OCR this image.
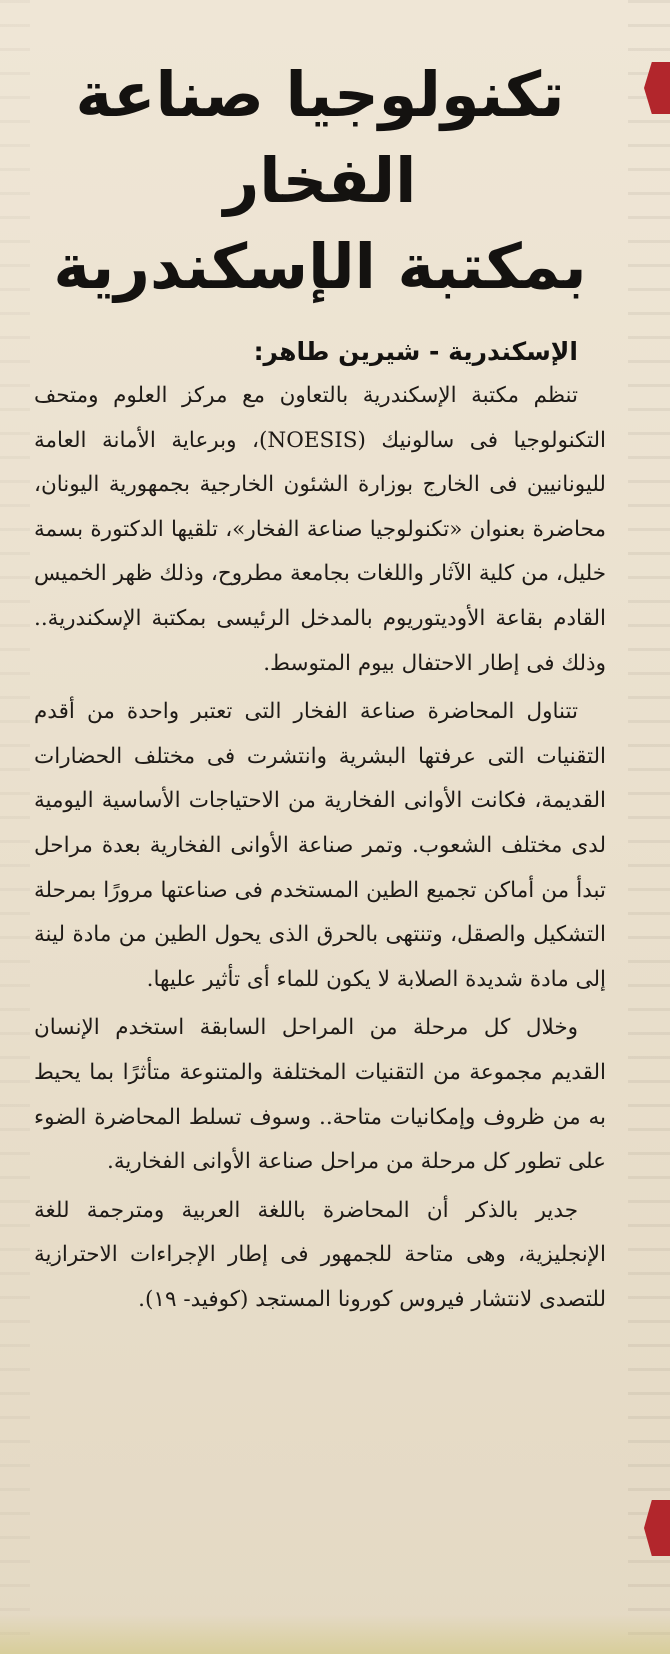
تكنولوجيا صناعة الفخار
بمكتبة الإسكندرية
الإسكندرية - شيرين طاهر:

تنظم مكتبة الإسكندرية بالتعاون مع مركز العلوم ومتحف التكنولوجيا فى سالونيك (NOESIS)، وبرعاية الأمانة العامة لليونانيين فى الخارج بوزارة الشئون الخارجية بجمهورية اليونان، محاضرة بعنوان «تكنولوجيا صناعة الفخار»، تلقيها الدكتورة بسمة خليل، من كلية الآثار واللغات بجامعة مطروح، وذلك ظهر الخميس القادم بقاعة الأوديتوريوم بالمدخل الرئيسى بمكتبة الإسكندرية.. وذلك فى إطار الاحتفال بيوم المتوسط.

تتناول المحاضرة صناعة الفخار التى تعتبر واحدة من أقدم التقنيات التى عرفتها البشرية وانتشرت فى مختلف الحضارات القديمة، فكانت الأوانى الفخارية من الاحتياجات الأساسية اليومية لدى مختلف الشعوب. وتمر صناعة الأوانى الفخارية بعدة مراحل تبدأ من أماكن تجميع الطين المستخدم فى صناعتها مرورًا بمرحلة التشكيل والصقل، وتنتهى بالحرق الذى يحول الطين من مادة لينة إلى مادة شديدة الصلابة لا يكون للماء أى تأثير عليها.

وخلال كل مرحلة من المراحل السابقة استخدم الإنسان القديم مجموعة من التقنيات المختلفة والمتنوعة متأثرًا بما يحيط به من ظروف وإمكانيات متاحة.. وسوف تسلط المحاضرة الضوء على تطور كل مرحلة من مراحل صناعة الأوانى الفخارية.

جدير بالذكر أن المحاضرة باللغة العربية ومترجمة للغة الإنجليزية، وهى متاحة للجمهور فى إطار الإجراءات الاحترازية للتصدى لانتشار فيروس كورونا المستجد (كوفيد- ١٩).
